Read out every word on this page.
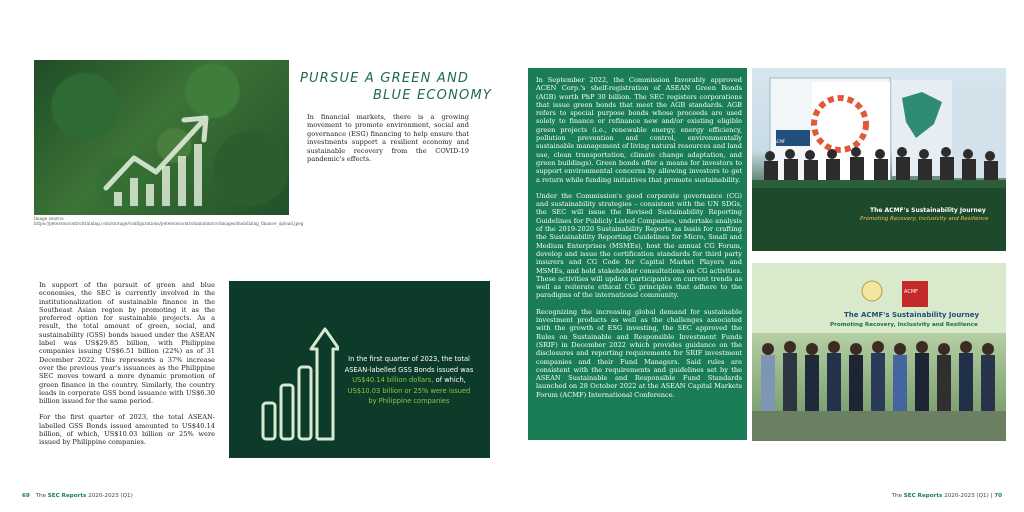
Image source: https://petersoncontroltraining.com/storage/configurations/petersoncontrolunionmicro/images/mobilizing_finance_upload.jpeg
PURSUE A GREEN AND
BLUE ECONOMY
In financial markets, there is a growing movement to promote environment, social and governance (ESG) financing to help ensure that investments support a resilient economy and sustainable recovery from the COVID-19 pandemic's effects.

In support of the pursuit of green and blue economies, the SEC is currently involved in the institutionalization of sustainable finance in the Southeast Asian region by promoting it as the preferred option for sustainable projects. As a result, the total amount of green, social, and sustainability (GSS) bonds issued under the ASEAN label was US$29.85 billion, with Philippine companies issuing US$6.51 billion (22%) as of 31 December 2022. This represents a 37% increase over the previous year's issuances as the Philippine SEC moves toward a more dynamic promotion of green finance in the country. Similarly, the country leads in corporate GSS bond issuance with US$6.30 billion issued for the same period.

For the first quarter of 2023, the total ASEAN-labelled GSS Bonds issued amounted to US$40.14 billion, of which, US$10.03 billion or 25% were issued by Philippine companies.

In the first quarter of 2023, the total
ASEAN-labelled GSS Bonds issued was
US$40.14 billion dollars, of which,
US$10.03 billion or 25% were issued
by Philippine companies

In September 2022, the Commission favorably approved ACEN Corp.'s shelf-registration of ASEAN Green Bonds (AGB) worth PhP 30 billion. The SEC registers corporations that issue green bonds that meet the AGB standards. AGB refers to special purpose bonds whose proceeds are used solely to finance or refinance new and/or existing eligible green projects (i.e., renewable energy, energy efficiency, pollution prevention and control, environmentally sustainable management of living natural resources and land use, clean transportation, climate change adaptation, and green buildings). Green bonds offer a means for investors to support environmental concerns by allowing investors to get a return while funding initiatives that promote sustainability.

Under the Commission's good corporate governance (CG) and sustainability strategies – consistent with the UN SDGs, the SEC will issue the Revised Sustainability Reporting Guidelines for Publicly Listed Companies, undertake analysis of the 2019-2020 Sustainability Reports as basis for crafting the Sustainability Reporting Guidelines for Micro, Small and Medium Enterprises (MSMEs), host the annual CG Forum, develop and issue the certification standards for third party insurers and CG Code for Capital Market Players and MSMEs, and hold stakeholder consultations on CG activities. These activities will update participants on current trends as well as reiterate ethical CG principles that adhere to the paradigms of the international community.

Recognizing the increasing global demand for sustainable investment products as well as the challenges associated with the growth of ESG investing, the SEC approved the Rules on Sustainable and Responsible Investment Funds (SRIF) in December 2022 which provides guidance on the disclosures and reporting requirements for SRIF investment companies and their Fund Managers. Said rules are consistent with the requirements and guidelines set by the ASEAN Sustainable and Responsible Fund Standards launched on 28 October 2022 at the ASEAN Capital Markets Forum (ACMF) International Conference.

The ACMF's Sustainability Journey
Promoting Recovery, Inclusivity and Resilience
ACMF
ACMF
The ACMF's Sustainability Journey
Promoting Recovery, Inclusivity and Resilience
69 The SEC Reports 2020-2023 (Q1)	The SEC Reports 2020-2023 (Q1) | 70
